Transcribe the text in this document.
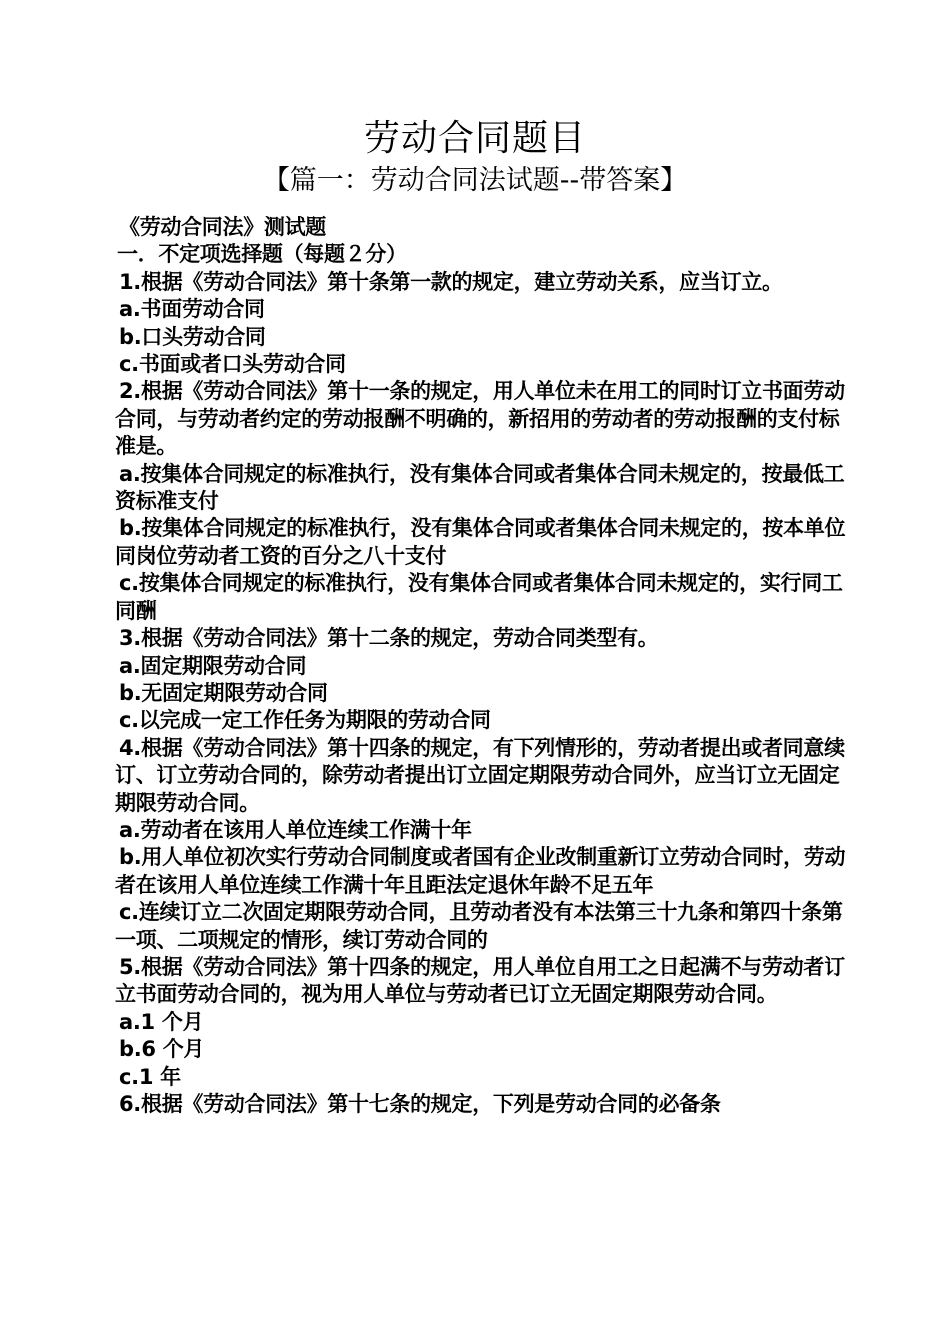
劳动合同题目
【篇一：劳动合同法试题--带答案】

《劳动合同法》测试题

一．不定项选择题（每题２分）

1.根据《劳动合同法》第十条第一款的规定，建立劳动关系，应当订立。

a.书面劳动合同

b.口头劳动合同

c.书面或者口头劳动合同

2.根据《劳动合同法》第十一条的规定，用人单位未在用工的同时订立书面劳动合同，与劳动者约定的劳动报酬不明确的，新招用的劳动者的劳动报酬的支付标准是。

a.按集体合同规定的标准执行，没有集体合同或者集体合同未规定的，按最低工资标准支付

b.按集体合同规定的标准执行，没有集体合同或者集体合同未规定的，按本单位同岗位劳动者工资的百分之八十支付

c.按集体合同规定的标准执行，没有集体合同或者集体合同未规定的，实行同工同酬

3.根据《劳动合同法》第十二条的规定，劳动合同类型有。

a.固定期限劳动合同

b.无固定期限劳动合同

c.以完成一定工作任务为期限的劳动合同

4.根据《劳动合同法》第十四条的规定，有下列情形的，劳动者提出或者同意续订、订立劳动合同的，除劳动者提出订立固定期限劳动合同外，应当订立无固定期限劳动合同。

a.劳动者在该用人单位连续工作满十年

b.用人单位初次实行劳动合同制度或者国有企业改制重新订立劳动合同时，劳动者在该用人单位连续工作满十年且距法定退休年龄不足五年

c.连续订立二次固定期限劳动合同，且劳动者没有本法第三十九条和第四十条第一项、二项规定的情形，续订劳动合同的

5.根据《劳动合同法》第十四条的规定，用人单位自用工之日起满不与劳动者订立书面劳动合同的，视为用人单位与劳动者已订立无固定期限劳动合同。

a.1 个月

b.6 个月

c.1 年

6.根据《劳动合同法》第十七条的规定，下列是劳动合同的必备条
